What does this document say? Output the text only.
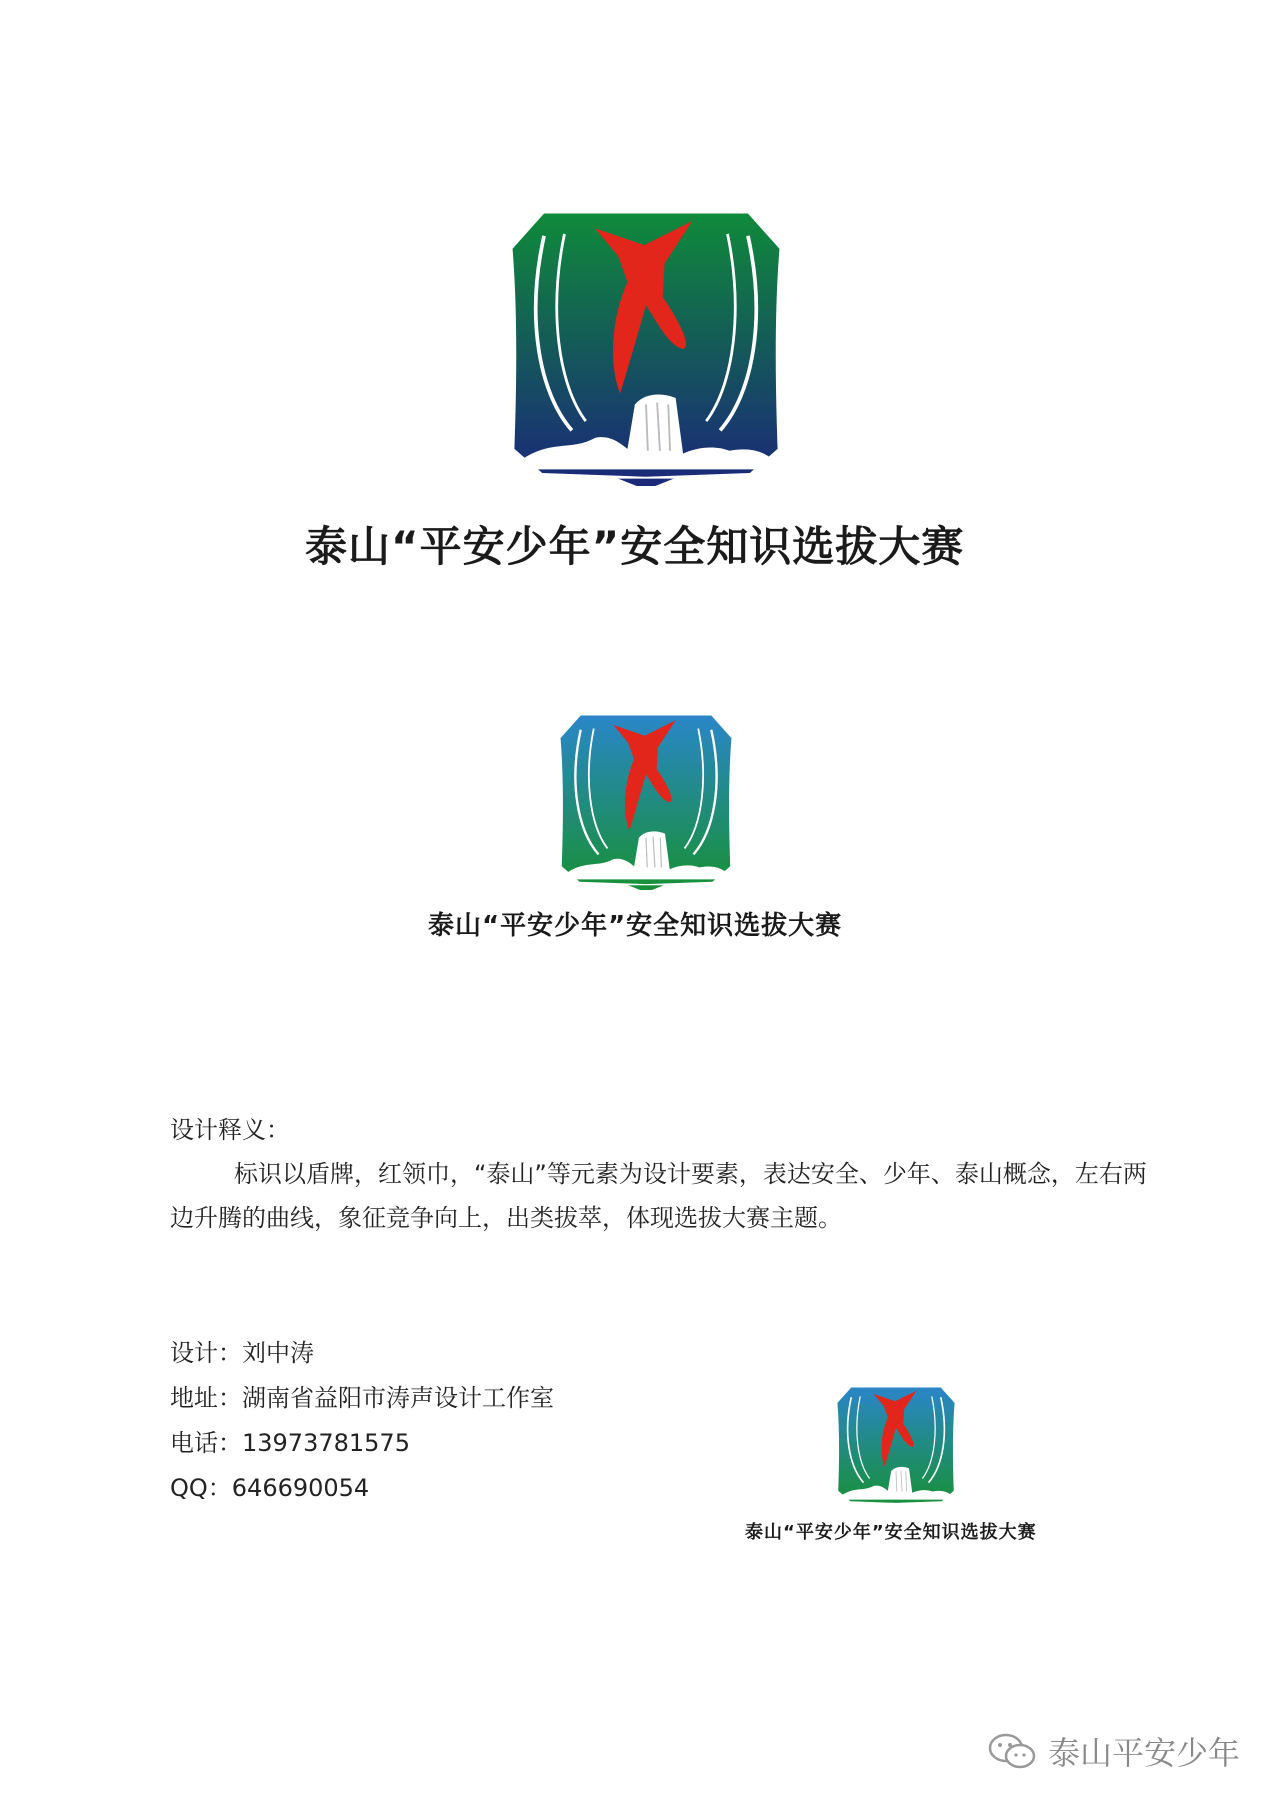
泰山“平安少年”安全知识选拔大赛
泰山“平安少年”安全知识选拔大赛
设计释义：
标识以盾牌，红领巾，“泰山”等元素为设计要素，表达安全、少年、泰山概念，左右两边升腾的曲线，象征竞争向上，出类拔萃，体现选拔大赛主题。
设计：刘中涛
地址：湖南省益阳市涛声设计工作室
电话：13973781575
QQ：646690054
泰山“平安少年”安全知识选拔大赛
泰山平安少年
